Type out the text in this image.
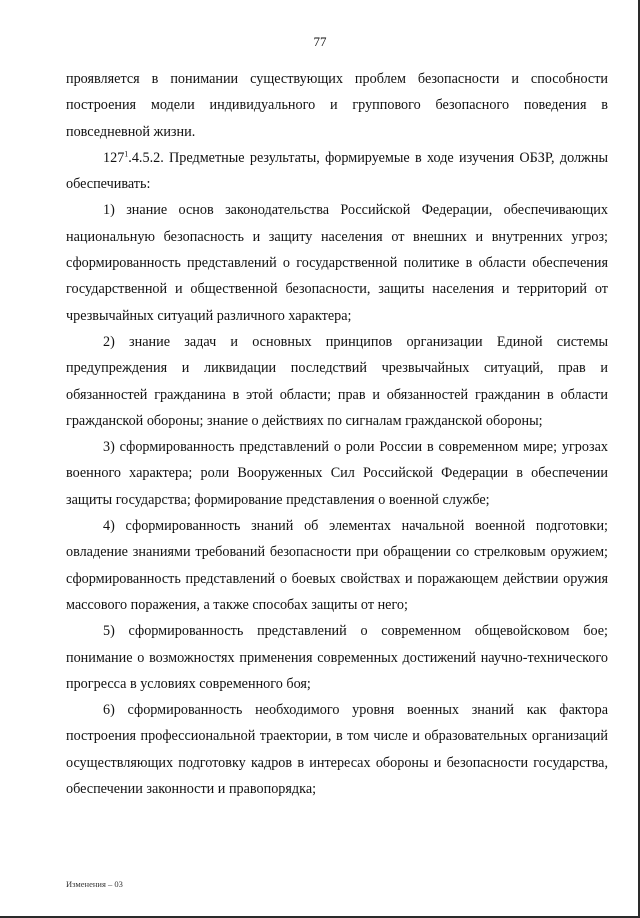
77

проявляется в понимании существующих проблем безопасности и способности построения модели индивидуального и группового безопасного поведения в повседневной жизни.

$127^1.4.5.2$. Предметные результаты, формируемые в ходе изучения ОБЗР, должны обеспечивать:

1) знание основ законодательства Российской Федерации, обеспечивающих национальную безопасность и защиту населения от внешних и внутренних угроз; сформированность представлений о государственной политике в области обеспечения государственной и общественной безопасности, защиты населения и территорий от чрезвычайных ситуаций различного характера;

2) знание задач и основных принципов организации Единой системы предупреждения и ликвидации последствий чрезвычайных ситуаций, прав и обязанностей гражданина в этой области; прав и обязанностей гражданин в области гражданской обороны; знание о действиях по сигналам гражданской обороны;

3) сформированность представлений о роли России в современном мире; угрозах военного характера; роли Вооруженных Сил Российской Федерации в обеспечении защиты государства; формирование представления о военной службе;

4) сформированность знаний об элементах начальной военной подготовки; овладение знаниями требований безопасности при обращении со стрелковым оружием; сформированность представлений о боевых свойствах и поражающем действии оружия массового поражения, а также способах защиты от него;

5) сформированность представлений о современном общевойсковом бое; понимание о возможностях применения современных достижений научно-технического прогресса в условиях современного боя;

6) сформированность необходимого уровня военных знаний как фактора построения профессиональной траектории, в том числе и образовательных организаций осуществляющих подготовку кадров в интересах обороны и безопасности государства, обеспечении законности и правопорядка;

Изменения – 03
